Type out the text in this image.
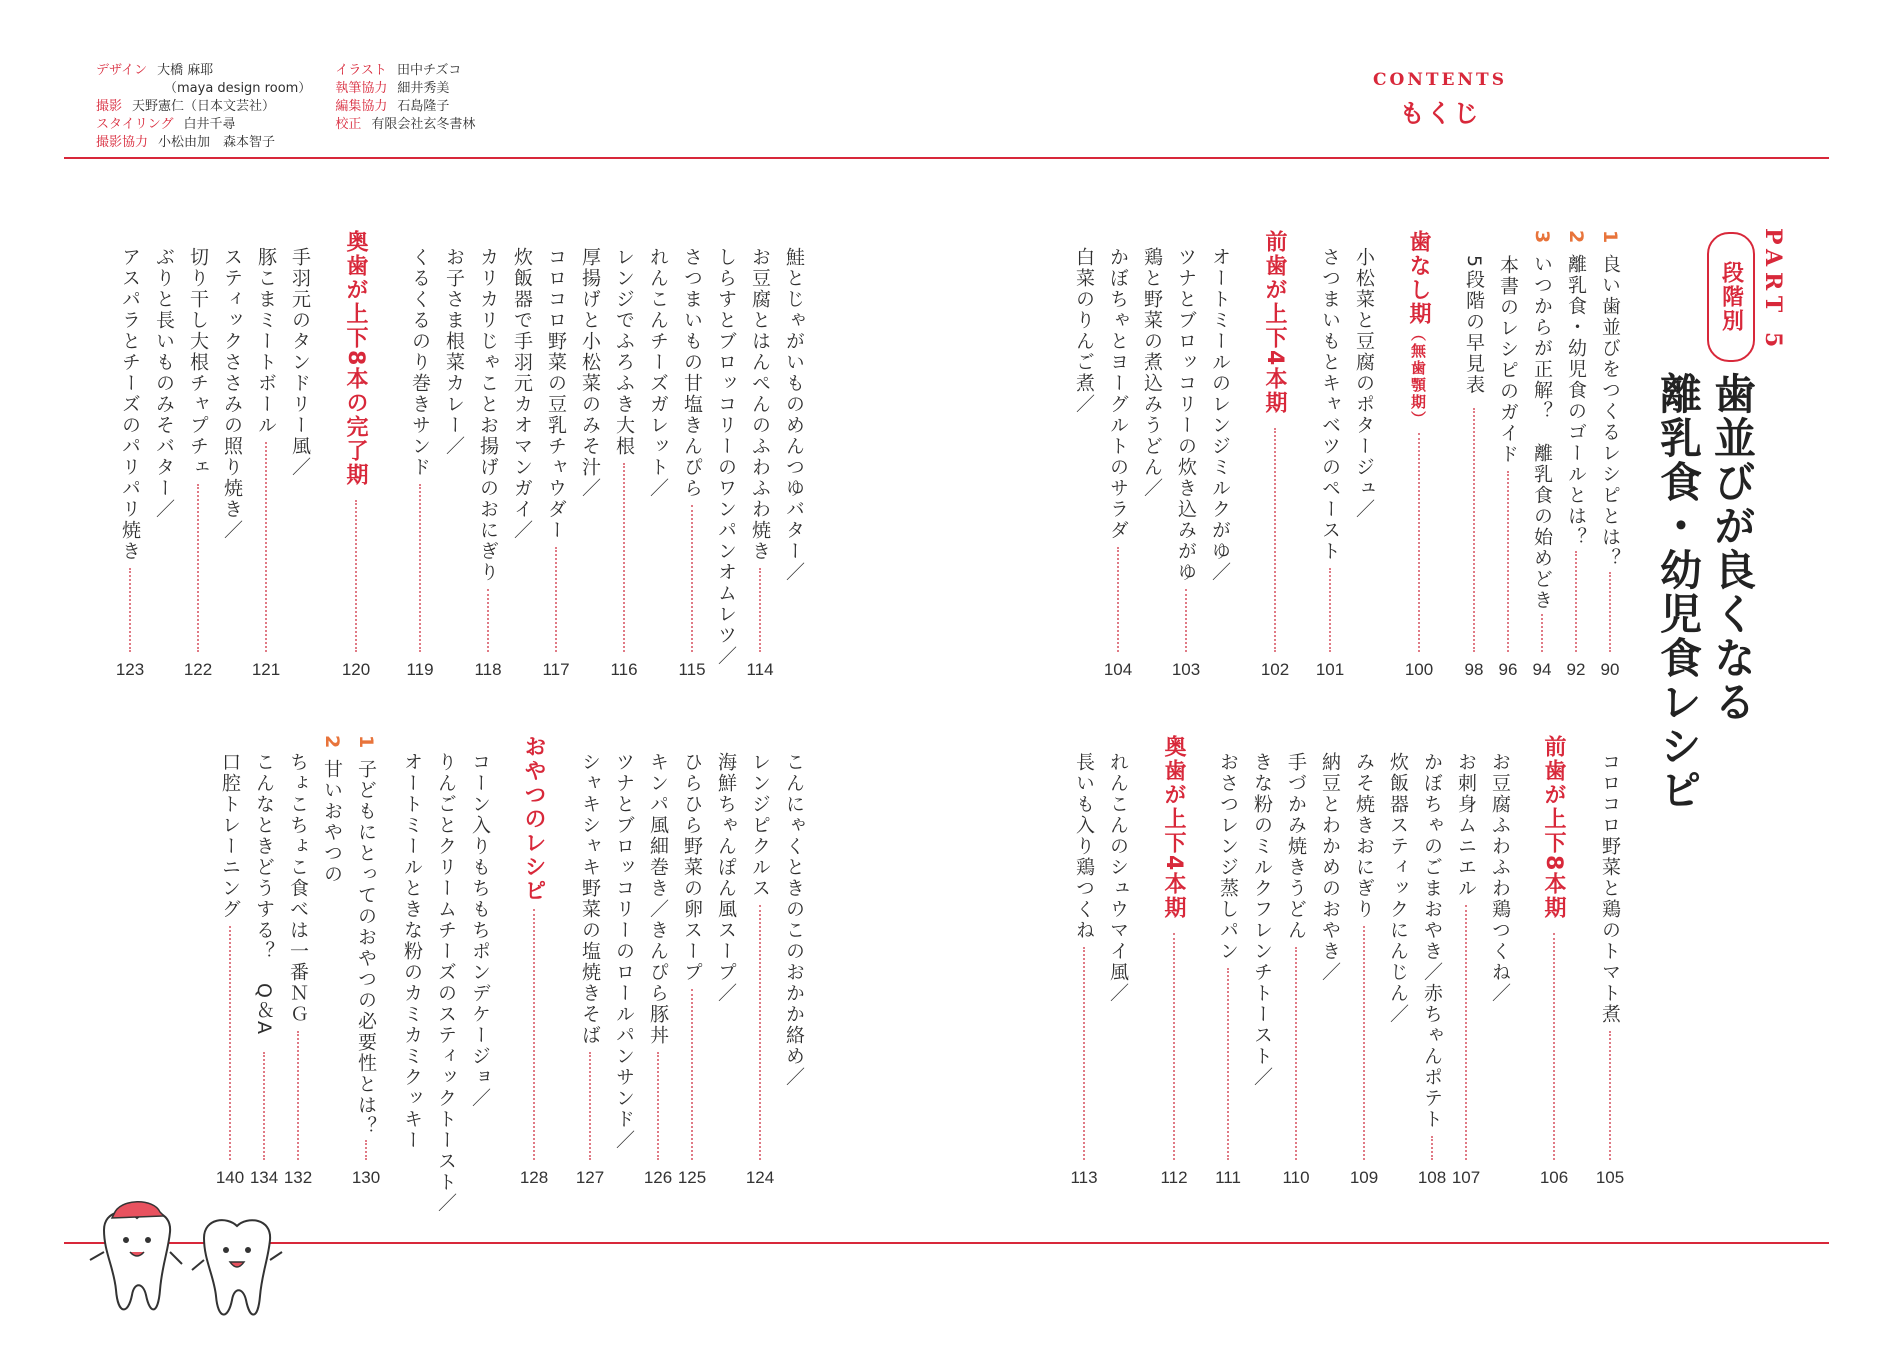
デザイン 大橋 麻耶
（maya design room）
撮影 天野憲仁（日本文芸社）
スタイリング 白井千尋
撮影協力 小松由加　森本智子
イラスト 田中チズコ
執筆協力 細井秀美
編集協力 石島隆子
校正 有限会社玄冬書林
CONTENTS
もくじ
PART 5
段階別
歯並びが良くなる
離乳食・幼児食レシピ
1 良い歯並びをつくるレシピとは？
90
2 離乳食・幼児食のゴールとは？
92
3 いつからが正解？　離乳食の始めどき
94
本書のレシピのガイド
96
5段階の早見表
98
歯なし期（無歯顎期）
100
小松菜と豆腐のポタージュ／
さつまいもとキャベツのペースト
101
前歯が上下4本期
102
オートミールのレンジミルクがゆ／
ツナとブロッコリーの炊き込みがゆ
103
鶏と野菜の煮込みうどん／
かぼちゃとヨーグルトのサラダ
104
白菜のりんご煮／
鮭とじゃがいものめんつゆバター／
お豆腐とはんぺんのふわふわ焼き
114
しらすとブロッコリーのワンパンオムレツ／
さつまいもの甘塩きんぴら
115
れんこんチーズガレット／
レンジでふろふき大根
116
厚揚げと小松菜のみそ汁／
コロコロ野菜の豆乳チャウダー
117
炊飯器で手羽元カオマンガイ／
カリカリじゃことお揚げのおにぎり
118
お子さま根菜カレー／
くるくるのり巻きサンド
119
奥歯が上下8本の完了期
120
手羽元のタンドリー風／
豚こまミートボール
121
スティックささみの照り焼き／
切り干し大根チャプチェ
122
ぶりと長いものみそバター／
アスパラとチーズのパリパリ焼き
123
コロコロ野菜と鶏のトマト煮
105
前歯が上下8本期
106
お豆腐ふわふわ鶏つくね／
お刺身ムニエル
107
かぼちゃのごまおやき／赤ちゃんポテト
108
炊飯器スティックにんじん／
みそ焼きおにぎり
109
納豆とわかめのおやき／
手づかみ焼きうどん
110
きな粉のミルクフレンチトースト／
おさつレンジ蒸しパン
111
奥歯が上下4本期
112
れんこんのシュウマイ風／
長いも入り鶏つくね
113
こんにゃくときのこのおかか絡め／
レンジピクルス
124
海鮮ちゃんぽん風スープ／
ひらひら野菜の卵スープ
125
キンパ風細巻き／きんぴら豚丼
126
ツナとブロッコリーのロールパンサンド／
シャキシャキ野菜の塩焼きそば
127
おやつのレシピ
128
コーン入りもちもちポンデケージョ／
りんごとクリームチーズのスティックトースト／
オートミールときな粉のカミカミクッキー
1 子どもにとってのおやつの必要性とは？
130
2 甘いおやつの
ちょこちょこ食べは一番ＮＧ
132
こんなときどうする？　Q＆A
134
口腔トレーニング
140
